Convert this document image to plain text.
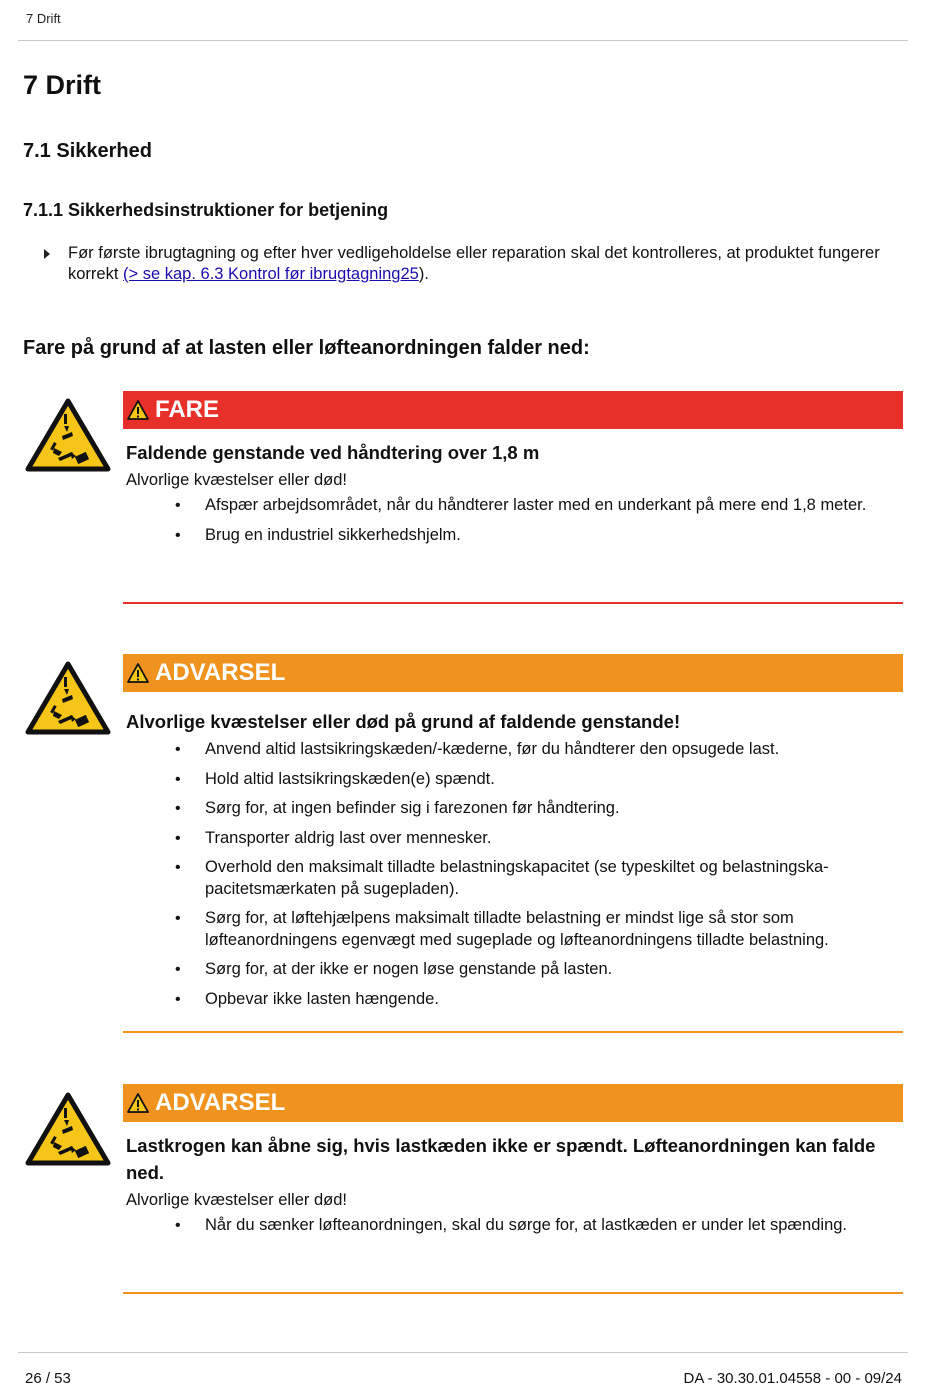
7 Drift
7 Drift
7.1 Sikkerhed
7.1.1 Sikkerhedsinstruktioner for betjening
Før første ibrugtagning og efter hver vedligeholdelse eller reparation skal det kontrolleres, at produktet fungerer korrekt (> se kap. 6.3 Kontrol før ibrugtagning25).
Fare på grund af at lasten eller løfteanordningen falder ned:
FARE
Faldende genstande ved håndtering over 1,8 m
Alvorlige kvæstelser eller død!
• Afspær arbejdsområdet, når du håndterer laster med en underkant på mere end 1,8 meter.
• Brug en industriel sikkerhedshjelm.
ADVARSEL
Alvorlige kvæstelser eller død på grund af faldende genstande!
• Anvend altid lastsikringskæden/-kæderne, før du håndterer den opsugede last.
• Hold altid lastsikringskæden(e) spændt.
• Sørg for, at ingen befinder sig i farezonen før håndtering.
• Transporter aldrig last over mennesker.
• Overhold den maksimalt tilladte belastningskapacitet (se typeskiltet og belastningska-pacitetsmærkaten på sugepladen).
• Sørg for, at løftehjælpens maksimalt tilladte belastning er mindst lige så stor som løfteanordningens egenvægt med sugeplade og løfteanordningens tilladte belastning.
• Sørg for, at der ikke er nogen løse genstande på lasten.
• Opbevar ikke lasten hængende.
ADVARSEL
Lastkrogen kan åbne sig, hvis lastkæden ikke er spændt. Løfteanordningen kan falde ned.
Alvorlige kvæstelser eller død!
• Når du sænker løfteanordningen, skal du sørge for, at lastkæden er under let spænding.
26 / 53	DA - 30.30.01.04558 - 00 - 09/24
